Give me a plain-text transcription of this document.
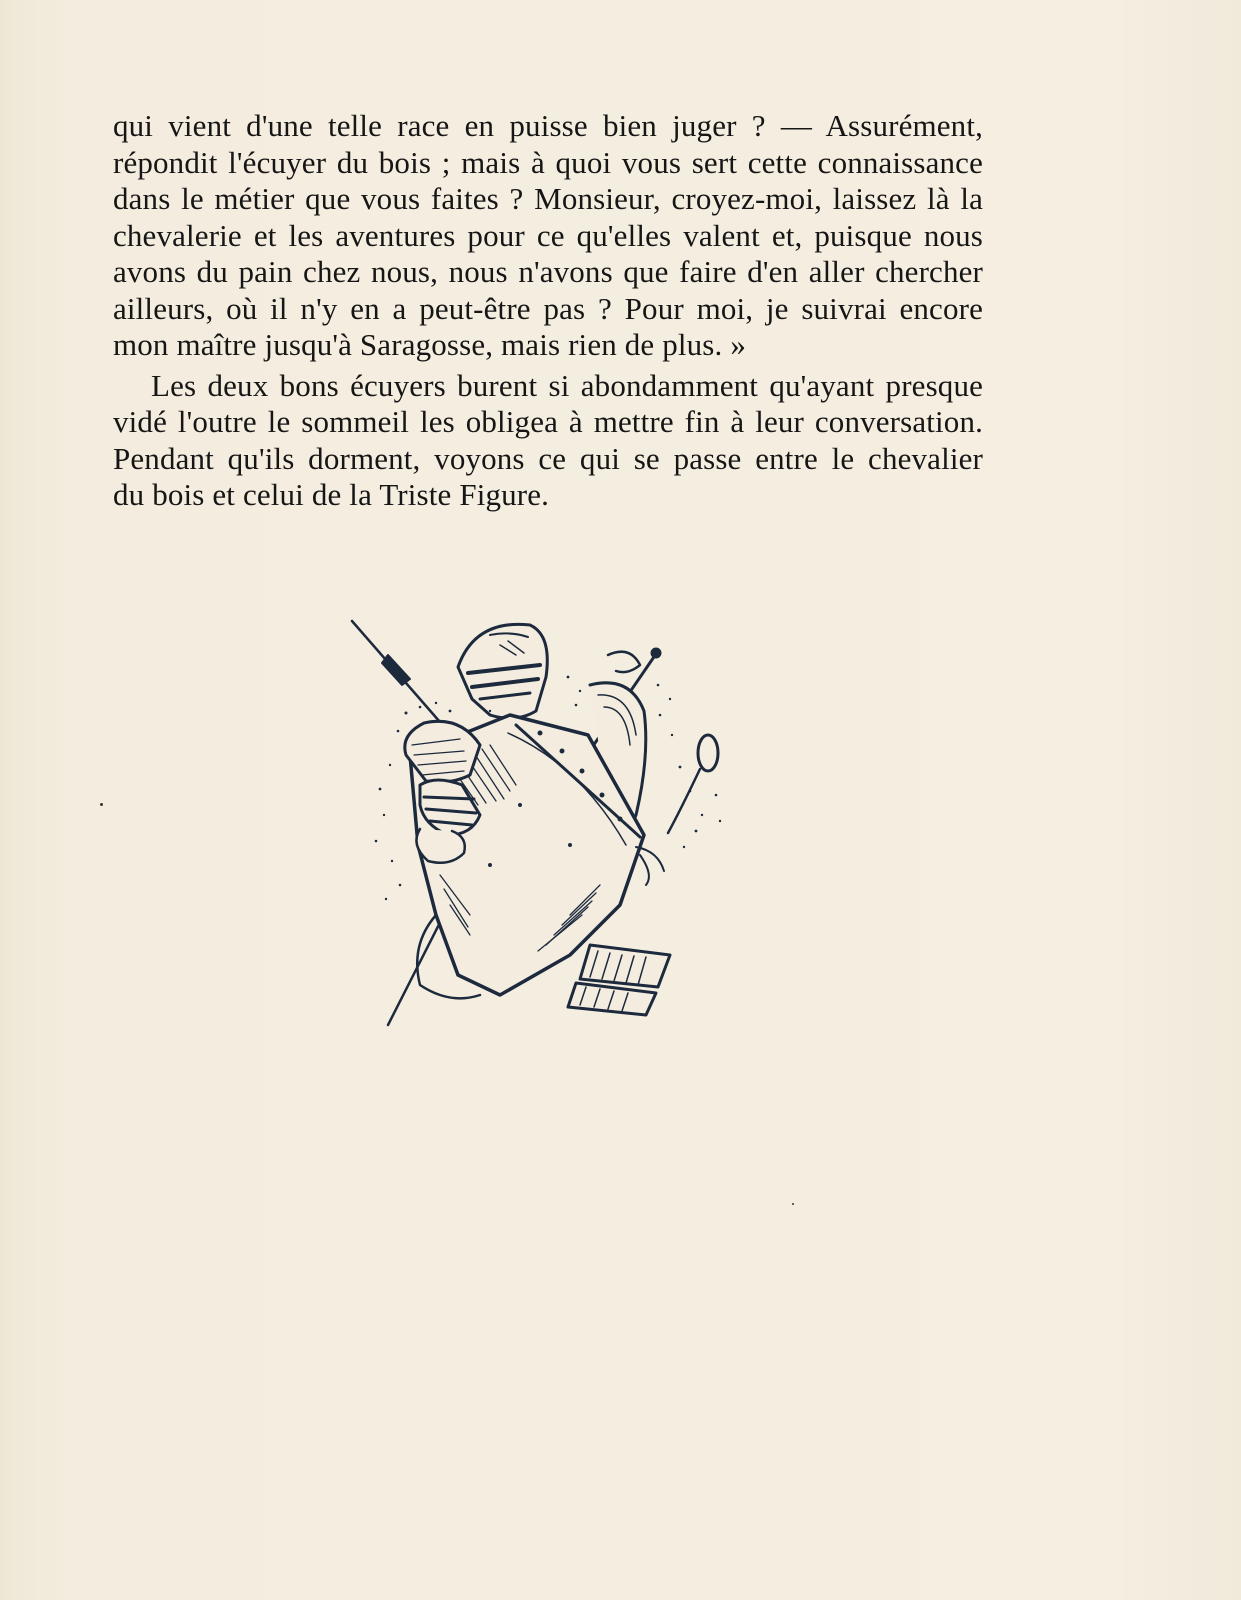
qui vient d'une telle race en puisse bien juger ? — Assurément,
répondit l'écuyer du bois ; mais à quoi vous sert cette connaissance
dans le métier que vous faites ? Monsieur, croyez-moi, laissez là la
chevalerie et les aventures pour ce qu'elles valent et, puisque nous
avons du pain chez nous, nous n'avons que faire d'en aller chercher
ailleurs, où il n'y en a peut-être pas ? Pour moi, je suivrai encore
mon maître jusqu'à Saragosse, mais rien de plus. »
Les deux bons écuyers burent si abondamment qu'ayant presque
vidé l'outre le sommeil les obligea à mettre fin à leur conversation.
Pendant qu'ils dorment, voyons ce qui se passe entre le chevalier
du bois et celui de la Triste Figure.
